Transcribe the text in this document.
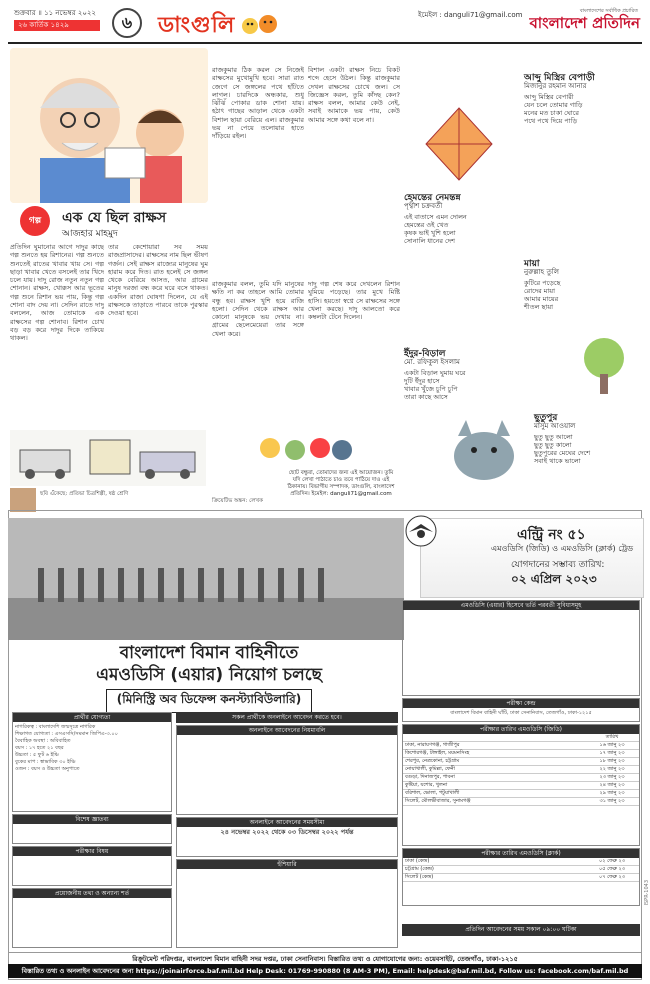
শুক্রবার ॥ ১১ নভেম্বর ২০২২
২৬ কার্তিক ১৪২৯	৬	ডাংগুলি	ইমেইল : danguli71@gmail.com	বাংলাদেশের সর্বাধিক প্রচারিত
বাংলাদেশ প্রতিদিন
গল্প	এক যে ছিল রাক্ষস
আজহার মাহমুদ
প্রতিদিন ঘুমানোর আগে দাদুর কাছে গল্প শুনতে হয় রিশানের। গল্প শুনতে শুনতেই রাতের খাবার খায় সে। গল্প ছাড়া খাবার খেতে বসলেই তার খিদে চলে যায়। দাদু রোজ নতুন নতুন গল্প শোনান। রাক্ষস, খোক্কস আর ভূতের গল্প শুনে রিশান ভয় পায়, কিন্তু গল্প শোনা বাদ দেয় না। সেদিন রাতে দাদু বললেন, আজ তোমাকে এক রাক্ষসের গল্প শোনাব। রিশান চোখ বড় বড় করে দাদুর দিকে তাকিয়ে থাকল।
তার কেশোয়ারা সব সময় রাজপ্রাসাদের। রাক্ষসের নাম ছিল ভীষণ গর্জন। সেই রাক্ষস রাজ্যের মানুষের ঘুম হারাম করে দিত। রাত হলেই সে জঙ্গল থেকে বেরিয়ে আসত, আর গ্রামের মানুষ দরজা বন্ধ করে ঘরে বসে থাকত। একদিন রাজা ঘোষণা দিলেন, যে এই রাক্ষসকে তাড়াতে পারবে তাকে পুরস্কার দেওয়া হবে।
রাজকুমার ঠিক করল সে নিজেই রাক্ষসের মুখোমুখি হবে। সারা রাত জেগে সে জঙ্গলের পথে হাঁটতে লাগল। চারদিকে অন্ধকার, শুধু ঝিঁঝিঁ পোকার ডাক শোনা যায়। হঠাৎ গাছের আড়াল থেকে একটা বিশাল ছায়া বেরিয়ে এল। রাজকুমার ভয় না পেয়ে তলোয়ার হাতে দাঁড়িয়ে রইল।
বিশাল একটা রাক্ষস নিচে বিকট শব্দে হেসে উঠল। কিন্তু রাজকুমার দেখল রাক্ষসের চোখে জল। সে জিজ্ঞেস করল, তুমি কাঁদছ কেন? রাক্ষস বলল, আমার কেউ নেই, সবাই আমাকে ভয় পায়, কেউ আমার সঙ্গে কথা বলে না।
রাজকুমার বলল, তুমি যদি মানুষের ক্ষতি না কর তাহলে আমি তোমার বন্ধু হব। রাক্ষস খুশি হয়ে রাজি হলো। সেদিন থেকে রাক্ষস আর কোনো মানুষকে ভয় দেখায় না। গ্রামের ছেলেমেয়েরা তার সঙ্গে খেলা করে।
দাদু গল্প শেষ করে দেখলেন রিশান ঘুমিয়ে পড়েছে। তার মুখে মিষ্টি হাসি। হয়তো স্বপ্নে সে রাক্ষসের সঙ্গে খেলা করছে। দাদু আলতো করে কম্বলটা টেনে দিলেন।
ছবি এঁকেছে: প্রতিভা চিত্রশিল্পী, ষষ্ঠ শ্রেণি
ছোট বন্ধুরা, তোমাদের জন্য এই আয়োজন। তুমি যদি লেখা পাঠাতে চাও তবে পাঠিয়ে দাও এই ঠিকানায়। বিভাগীয় সম্পাদক, ডাংগুলি, বাংলাদেশ প্রতিদিন। ইমেইল: danguli71@gmail.com
ক্রিয়েটিভ অঙ্কন: লেখক
আব্দু মিস্ত্রির বেপাড়ী
মিজানুর রহমান আনার
আব্দু মিস্ত্রির বেপারী
যেন চলে তোমার গাড়ি
মনের মত চাকা ঘোরে
পথে পথে দিয়ে পাড়ি
হেমন্তের নেমন্তন্ন
পৃথ্বীশ চক্রবর্তী
এই বাতাসে এমন দোলন
হেমন্তের ওই খেত
কৃষক ভাই খুশি হলো
সোনালি ধানের দেশ
মায়া
নুরুল্লাহ তুলি
কুটিরে পড়েছে
রোদের মায়া
আমার মায়ের
শীতল ছায়া
ইঁদুর-বিড়াল
মো. রফিকুল ইসলাম
একটা বিড়াল ঘুমায় ঘরে
দুটি ইঁদুর হাসে
খাবার খুঁজে চুপি চুপি
তারা কাছে আসে
ছুতুপুর
মাসুম আওয়াল
ছুতু ছুতু আলো
ছুতু ছুতু কালো
ছুতুপুরের মেঘের দেশে
সবাই থাকে ভালো
এন্ট্রি নং ৫১
এমওডিসি (জিডি) ও এমওডিসি (ক্লার্ক) ট্রেড
যোগদানের সম্ভাব্য তারিখ:
০২ এপ্রিল ২০২৩
বাংলাদেশ বিমান বাহিনীতে
এমওডিসি (এয়ার) নিয়োগ চলছে
(মিনিস্ট্রি অব ডিফেন্স কনস্ট্যাবিউলারি)
প্রার্থীর যোগ্যতা
নাগরিকত্ব : বাংলাদেশি জন্মসূত্রে নাগরিক
শিক্ষাগত যোগ্যতা : এসএসসি/সমমান জিপিএ-৩.০০
বৈবাহিক অবস্থা : অবিবাহিত
বয়স : ১৭ হতে ২১ বছর
উচ্চতা : ৫ ফুট ৬ ইঞ্চি
বুকের মাপ : স্বাভাবিক ৩০ ইঞ্চি
ওজন : বয়স ও উচ্চতা অনুপাতে
বিশেষ জ্ঞাতব্য
পরীক্ষার বিষয়
প্রয়োজনীয় তথ্য ও অন্যান্য শর্ত
সকল প্রার্থীকে অনলাইনে আবেদন করতে হবে।
অনলাইনে আবেদনের নিয়মাবলি
অনলাইনে আবেদনের সময়সীমা
২৪ নভেম্বর ২০২২ থেকে ০৩ ডিসেম্বর ২০২২ পর্যন্ত
হুঁশিয়ারি
এমওডিসি (এয়ার) হিসেবে ভর্তি পরবর্তী সুবিধাসমূহ
পরীক্ষা কেন্দ্র
বাংলাদেশ বিমান বাহিনী ঘাঁটি, ঢাকা সেনানিবাস, তেজগাঁও, ঢাকা-১২১৫
পরীক্ষার তারিখ এমওডিসি (জিডি)
তারিখ
ঢাকা, নারায়ণগঞ্জ, গাজীপুর	১৬ জানু ২৩
কিশোরগঞ্জ, টাঙ্গাইল, ময়মনসিংহ	১৭ জানু ২৩
শেরপুর, নেত্রকোনা, চট্টগ্রাম	১৮ জানু ২৩
নোয়াখালী, কুমিল্লা, ফেনী	২২ জানু ২৩
বগুড়া, দিনাজপুর, পাবনা	২৩ জানু ২৩
কুষ্টিয়া, যশোর, খুলনা	২৪ জানু ২৩
বরিশাল, ভোলা, পটুয়াখালী	২৯ জানু ২৩
সিলেট, মৌলভীবাজার, সুনামগঞ্জ	৩১ জানু ২৩
পরীক্ষার তারিখ এমওডিসি (ক্লার্ক)
ঢাকা (কেন্দ্র)	০২ ফেব্রু ২৩
চট্টগ্রাম (কেন্দ্র)	০৫ ফেব্রু ২৩
সিলেট (কেন্দ্র)	০৭ ফেব্রু ২৩
প্রতিদিন আবেদনের সময় সকাল ০৯:০০ ঘটিকা
রিক্রুটমেন্ট পরিদপ্তর, বাংলাদেশ বিমান বাহিনী সদর দপ্তর, ঢাকা সেনানিবাস। বিস্তারিত তথ্য ও যোগাযোগের জন্য: ওয়েবসাইট, তেজগাঁও, ঢাকা-১২১৫
বিস্তারিত তথ্য ও অনলাইন আবেদনের জন্য https://joinairforce.baf.mil.bd Help Desk: 01769-990880 (8 AM-3 PM), Email: helpdesk@baf.mil.bd, Follow us: facebook.com/baf.mil.bd
ISPR-1043
